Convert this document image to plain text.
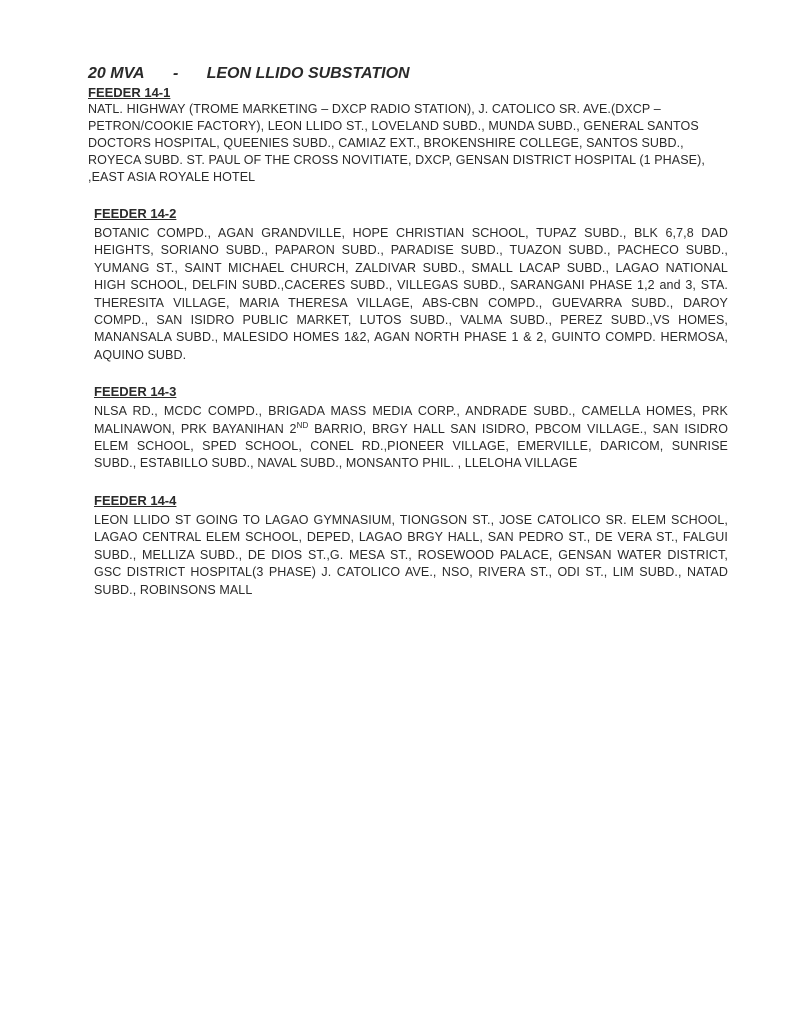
20 MVA - LEON LLIDO SUBSTATION
FEEDER 14-1

NATL. HIGHWAY (TROME MARKETING – DXCP RADIO STATION), J. CATOLICO SR. AVE.(DXCP – PETRON/COOKIE FACTORY), LEON LLIDO ST., LOVELAND SUBD., MUNDA SUBD., GENERAL SANTOS DOCTORS HOSPITAL, QUEENIES SUBD., CAMIAZ EXT., BROKENSHIRE COLLEGE, SANTOS SUBD., ROYECA SUBD. ST. PAUL OF THE CROSS NOVITIATE, DXCP, GENSAN DISTRICT HOSPITAL (1 PHASE), ,EAST ASIA ROYALE HOTEL

FEEDER 14-2

BOTANIC COMPD., AGAN GRANDVILLE, HOPE CHRISTIAN SCHOOL, TUPAZ SUBD., BLK 6,7,8 DAD HEIGHTS, SORIANO SUBD., PAPARON SUBD., PARADISE SUBD., TUAZON SUBD., PACHECO SUBD., YUMANG ST., SAINT MICHAEL CHURCH, ZALDIVAR SUBD., SMALL LACAP SUBD., LAGAO NATIONAL HIGH SCHOOL, DELFIN SUBD.,CACERES SUBD., VILLEGAS SUBD., SARANGANI PHASE 1,2 and 3, STA. THERESITA VILLAGE, MARIA THERESA VILLAGE, ABS-CBN COMPD., GUEVARRA SUBD., DAROY COMPD., SAN ISIDRO PUBLIC MARKET, LUTOS SUBD., VALMA SUBD., PEREZ SUBD.,VS HOMES, MANANSALA SUBD., MALESIDO HOMES 1&2, AGAN NORTH PHASE 1 & 2, GUINTO COMPD. HERMOSA, AQUINO SUBD.

FEEDER 14-3

NLSA RD., MCDC COMPD., BRIGADA MASS MEDIA CORP., ANDRADE SUBD., CAMELLA HOMES, PRK MALINAWON, PRK BAYANIHAN 2ND BARRIO, BRGY HALL SAN ISIDRO, PBCOM VILLAGE., SAN ISIDRO ELEM SCHOOL, SPED SCHOOL, CONEL RD.,PIONEER VILLAGE, EMERVILLE, DARICOM, SUNRISE SUBD., ESTABILLO SUBD., NAVAL SUBD., MONSANTO PHIL. , LLELOHA VILLAGE

FEEDER 14-4

LEON LLIDO ST GOING TO LAGAO GYMNASIUM, TIONGSON ST., JOSE CATOLICO SR. ELEM SCHOOL, LAGAO CENTRAL ELEM SCHOOL, DEPED, LAGAO BRGY HALL, SAN PEDRO ST., DE VERA ST., FALGUI SUBD., MELLIZA SUBD., DE DIOS ST.,G. MESA ST., ROSEWOOD PALACE, GENSAN WATER DISTRICT, GSC DISTRICT HOSPITAL(3 PHASE) J. CATOLICO AVE., NSO, RIVERA ST., ODI ST., LIM SUBD., NATAD SUBD., ROBINSONS MALL
